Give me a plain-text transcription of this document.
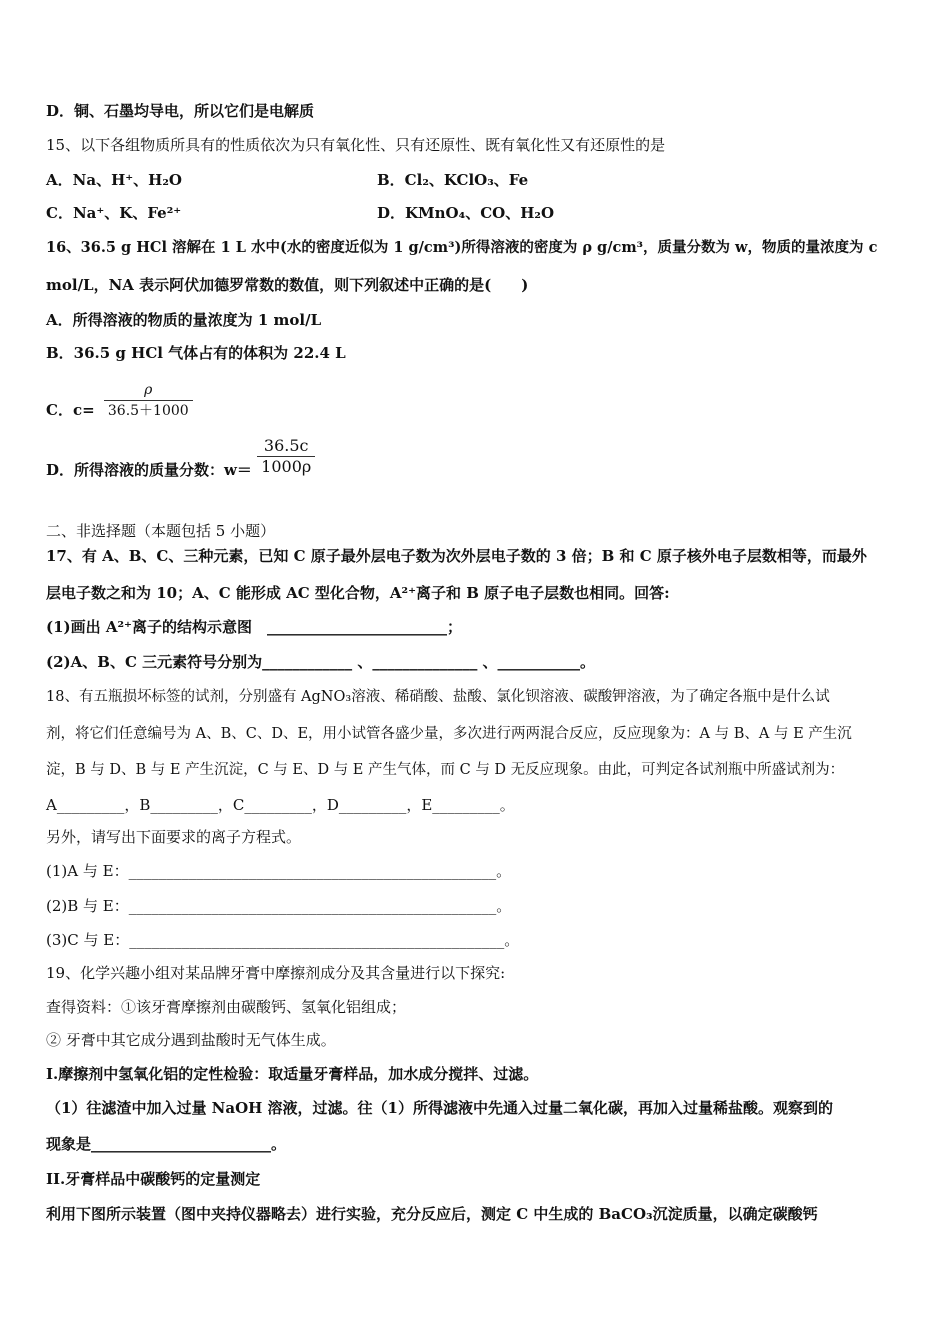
D．铜、石墨均导电，所以它们是电解质
15、以下各组物质所具有的性质依次为只有氧化性、只有还原性、既有氧化性又有还原性的是
A．Na、H⁺、H₂O	B．Cl₂、KClO₃、Fe
C．Na⁺、K、Fe²⁺	D．KMnO₄、CO、H₂O
16、36.5 g HCl 溶解在 1 L 水中(水的密度近似为 1 g/cm³)所得溶液的密度为 ρ g/cm³，质量分数为 w，物质的量浓度为 c
mol/L，NA 表示阿伏加德罗常数的数值，则下列叙述中正确的是(　　)
A．所得溶液的物质的量浓度为 1 mol/L
B．36.5 g HCl 气体占有的体积为 22.4 L
C．$c= \frac{\rho}{36.5+1000}$
D．所得溶液的质量分数：$w= \frac{36.5c}{1000\rho}$
二、非选择题（本题包括 5 小题）
17、有 A、B、C、三种元素，已知 C 原子最外层电子数为次外层电子数的 3 倍；B 和 C 原子核外电子层数相等，而最外
层电子数之和为 10；A、C 能形成 AC 型化合物，A²⁺离子和 B 原子电子层数也相同。回答:
(1)画出 A²⁺离子的结构示意图　________________________；
(2)A、B、C 三元素符号分别为____________ 、______________ 、___________。
18、有五瓶损坏标签的试剂，分别盛有 AgNO₃溶液、稀硝酸、盐酸、氯化钡溶液、碳酸钾溶液，为了确定各瓶中是什么试
剂，将它们任意编号为 A、B、C、D、E，用小试管各盛少量，多次进行两两混合反应，反应现象为：A 与 B、A 与 E 产生沉
淀，B 与 D、B 与 E 产生沉淀，C 与 E、D 与 E 产生气体，而 C 与 D 无反应现象。由此，可判定各试剂瓶中所盛试剂为：
A_________，B_________，C_________，D_________，E_________。
另外，请写出下面要求的离子方程式。
(1)A 与 E：_________________________________________________。
(2)B 与 E：_________________________________________________。
(3)C 与 E：__________________________________________________。
19、化学兴趣小组对某品牌牙膏中摩擦剂成分及其含量进行以下探究:
查得资料：①该牙膏摩擦剂由碳酸钙、氢氧化铝组成；
② 牙膏中其它成分遇到盐酸时无气体生成。
I.摩擦剂中氢氧化铝的定性检验：取适量牙膏样品，加水成分搅拌、过滤。
（1）往滤渣中加入过量 NaOH 溶液，过滤。往（1）所得滤液中先通入过量二氧化碳，再加入过量稀盐酸。观察到的
现象是________________________。
II.牙膏样品中碳酸钙的定量测定
利用下图所示装置（图中夹持仪器略去）进行实验，充分反应后，测定 C 中生成的 BaCO₃沉淀质量，以确定碳酸钙
